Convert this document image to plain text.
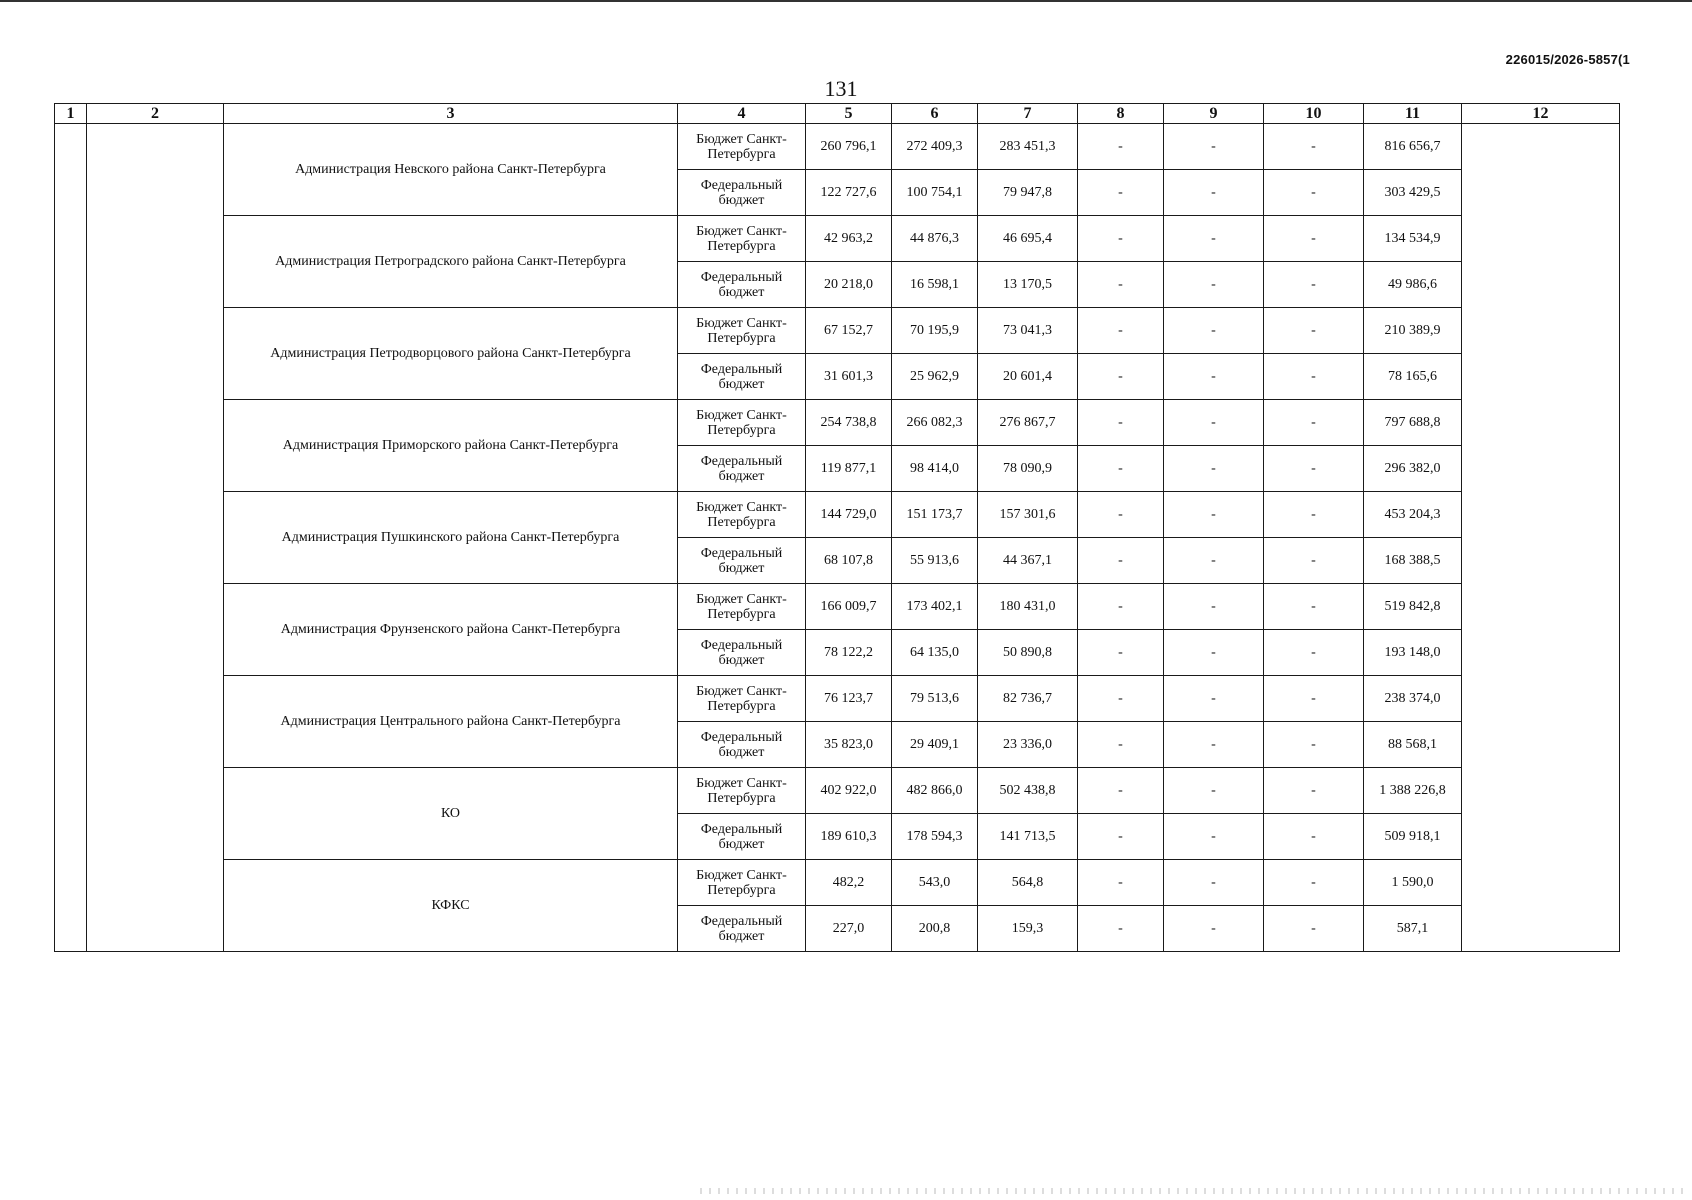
226015/2026-5857(1
131
1	2	3	4	5	6	7	8	9	10	11	12
		Администрация Невского района Санкт-Петербурга	Бюджет Санкт-Петербурга	260 796,1	272 409,3	283 451,3	-	-	-	816 656,7	
			Федеральный бюджет	122 727,6	100 754,1	79 947,8	-	-	-	303 429,5	
		Администрация Петроградского района Санкт-Петербурга	Бюджет Санкт-Петербурга	42 963,2	44 876,3	46 695,4	-	-	-	134 534,9	
			Федеральный бюджет	20 218,0	16 598,1	13 170,5	-	-	-	49 986,6	
		Администрация Петродворцового района Санкт-Петербурга	Бюджет Санкт-Петербурга	67 152,7	70 195,9	73 041,3	-	-	-	210 389,9	
			Федеральный бюджет	31 601,3	25 962,9	20 601,4	-	-	-	78 165,6	
		Администрация Приморского района Санкт-Петербурга	Бюджет Санкт-Петербурга	254 738,8	266 082,3	276 867,7	-	-	-	797 688,8	
			Федеральный бюджет	119 877,1	98 414,0	78 090,9	-	-	-	296 382,0	
		Администрация Пушкинского района Санкт-Петербурга	Бюджет Санкт-Петербурга	144 729,0	151 173,7	157 301,6	-	-	-	453 204,3	
			Федеральный бюджет	68 107,8	55 913,6	44 367,1	-	-	-	168 388,5	
		Администрация Фрунзенского района Санкт-Петербурга	Бюджет Санкт-Петербурга	166 009,7	173 402,1	180 431,0	-	-	-	519 842,8	
			Федеральный бюджет	78 122,2	64 135,0	50 890,8	-	-	-	193 148,0	
		Администрация Центрального района Санкт-Петербурга	Бюджет Санкт-Петербурга	76 123,7	79 513,6	82 736,7	-	-	-	238 374,0	
			Федеральный бюджет	35 823,0	29 409,1	23 336,0	-	-	-	88 568,1	
		КО	Бюджет Санкт-Петербурга	402 922,0	482 866,0	502 438,8	-	-	-	1 388 226,8	
			Федеральный бюджет	189 610,3	178 594,3	141 713,5	-	-	-	509 918,1	
		КФКС	Бюджет Санкт-Петербурга	482,2	543,0	564,8	-	-	-	1 590,0	
			Федеральный бюджет	227,0	200,8	159,3	-	-	-	587,1	
